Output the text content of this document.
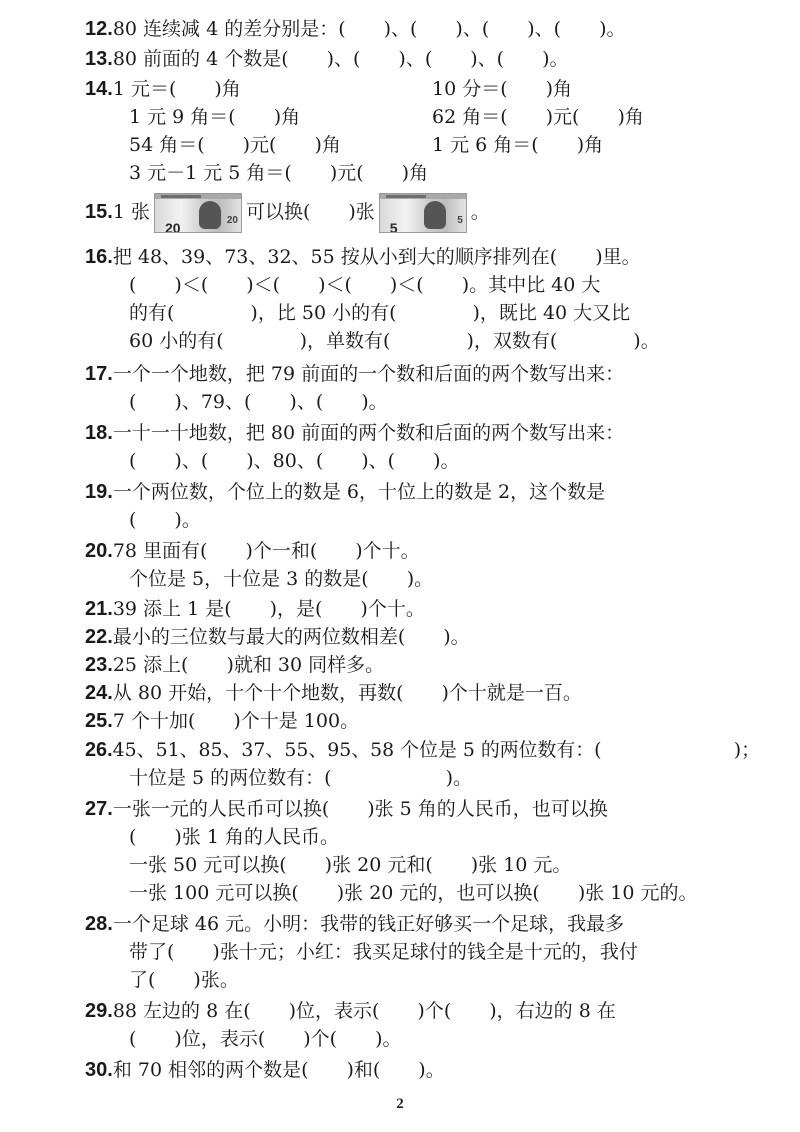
12.80 连续减 4 的差分别是：(　　)、(　　)、(　　)、(　　)。
13.80 前面的 4 个数是(　　)、(　　)、(　　)、(　　)。
14.1 元＝(　　)角	10 分＝(　　)角
1 元 9 角＝(　　)角	62 角＝(　　)元(　　)角
54 角＝(　　)元(　　)角	1 元 6 角＝(　　)角
3 元－1 元 5 角＝(　　)元(　　)角
15.1 张
20	20 可以换(　　)张
5	5 。
16.把 48、39、73、32、55 按从小到大的顺序排列在(　　)里。
(　　)＜(　　)＜(　　)＜(　　)＜(　　)。其中比 40 大
的有(　　　　)，比 50 小的有(　　　　)，既比 40 大又比
60 小的有(　　　　)，单数有(　　　　)，双数有(　　　　)。
17.一个一个地数，把 79 前面的一个数和后面的两个数写出来：
(　　)、79、(　　)、(　　)。
18.一十一十地数，把 80 前面的两个数和后面的两个数写出来：
(　　)、(　　)、80、(　　)、(　　)。
19.一个两位数，个位上的数是 6，十位上的数是 2，这个数是
(　　)。
20.78 里面有(　　)个一和(　　)个十。
个位是 5，十位是 3 的数是(　　)。
21.39 添上 1 是(　　)，是(　　)个十。
22.最小的三位数与最大的两位数相差(　　)。
23.25 添上(　　)就和 30 同样多。
24.从 80 开始，十个十个地数，再数(　　)个十就是一百。
25.7 个十加(　　)个十是 100。
26.45、51、85、37、55、95、58 个位是 5 的两位数有：(　　　　　　　)；
十位是 5 的两位数有：(　　　　　　)。
27.一张一元的人民币可以换(　　)张 5 角的人民币，也可以换
(　　)张 1 角的人民币。
一张 50 元可以换(　　)张 20 元和(　　)张 10 元。
一张 100 元可以换(　　)张 20 元的，也可以换(　　)张 10 元的。
28.一个足球 46 元。小明：我带的钱正好够买一个足球，我最多
带了(　　)张十元；小红：我买足球付的钱全是十元的，我付
了(　　)张。
29.88 左边的 8 在(　　)位，表示(　　)个(　　)，右边的 8 在
(　　)位，表示(　　)个(　　)。
30.和 70 相邻的两个数是(　　)和(　　)。
2
